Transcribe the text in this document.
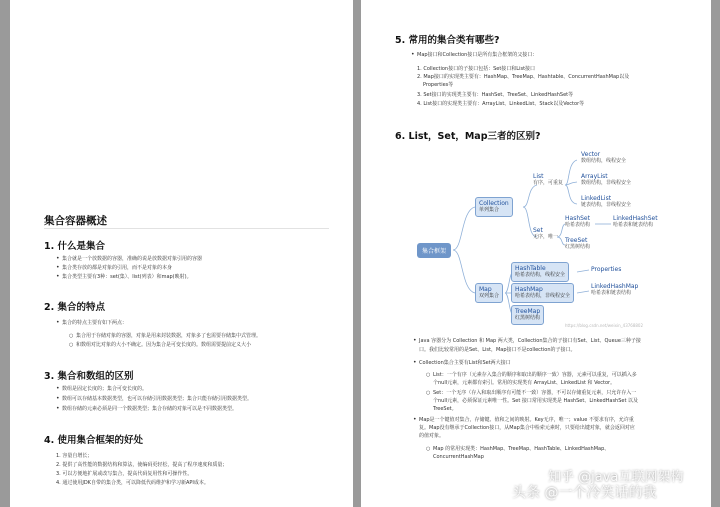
集合容器概述
1. 什么是集合
• 集合就是一个放数据的容器，准确的说是放数据对象引用的容器
• 集合类存放的都是对象的引用，而不是对象的本身
• 集合类型主要有3种：set(集）、list(列表）和map(映射)。
2. 集合的特点
• 集合的特点主要有如下两点：
○ 集合用于存储对象的容器，对象是用来封装数据，对象多了也需要存储集中式管理。
○ 和数组对比对象的大小不确定。因为集合是可变长度的。数组需要提前定义大小
3. 集合和数组的区别
• 数组是固定长度的；集合可变长度的。
• 数组可以存储基本数据类型，也可以存储引用数据类型；集合只能存储引用数据类型。
• 数组存储的元素必须是同一个数据类型；集合存储的对象可以是不同数据类型。
4. 使用集合框架的好处
1. 容量自增长；
2. 提供了高性能的数据结构和算法，使编码更轻松，提高了程序速度和质量；
3. 可以方便地扩展或改写集合，提高代码复用性和可操作性。
4. 通过使用JDK自带的集合类，可以降低代码维护和学习新API成本。
5. 常用的集合类有哪些?
• Map接口和Collection接口是所有集合框架的父接口：
1. Collection接口的子接口包括：Set接口和List接口
2. Map接口的实现类主要有：HashMap、TreeMap、Hashtable、ConcurrentHashMap以及
Properties等
3. Set接口的实现类主要有：HashSet、TreeSet、LinkedHashSet等
4. List接口的实现类主要有：ArrayList、LinkedList、Stack以及Vector等
6. List，Set，Map三者的区别?
集合框架
Collection
单列集合
List
有序，可重复
Vector
数组结构，线程安全
ArrayList
数组结构，非线程安全
LinkedList
链表结构，非线程安全
Set
无序，唯一
HashSet
哈希表结构
LinkedHashSet
哈希表和链表结构
TreeSet
红黑树结构
Map
双列集合
HashTable
哈希表结构，线程安全
Properties
HashMap
哈希表结构，非线程安全
LinkedHashMap
哈希表和链表结构
TreeMap
红黑树结构
https://blog.csdn.net/weixin_43768802
• Java 容器分为 Collection 和 Map 两大类，Collection集合的子接口有Set、List、Queue三种子接
口。我们比较常用的是Set、List，Map接口不是collection的子接口。
• Collection集合主要有List和Set两大接口
○ List：一个有序（元素存入集合的顺序和取出的顺序一致）容器，元素可以重复，可以插入多
个null元素，元素都有索引。常用的实现类有 ArrayList、LinkedList 和 Vector。
○ Set：一个无序（存入和取出顺序有可能不一致）容器，不可以存储重复元素，只允许存入一
个null元素，必须保证元素唯一性。Set 接口常用实现类是 HashSet、LinkedHashSet 以及
TreeSet。
• Map是一个键值对集合，存储键、值和之间的映射。Key无序，唯一；value 不要求有序，允许重
复。Map没有继承于Collection接口，从Map集合中检索元素时，只要给出键对象，就会返回对应
的值对象。
○ Map 的常用实现类：HashMap、TreeMap、HashTable、LinkedHashMap、
ConcurrentHashMap
知乎 @java互联网架构
头条 @一个冷笑话的我
